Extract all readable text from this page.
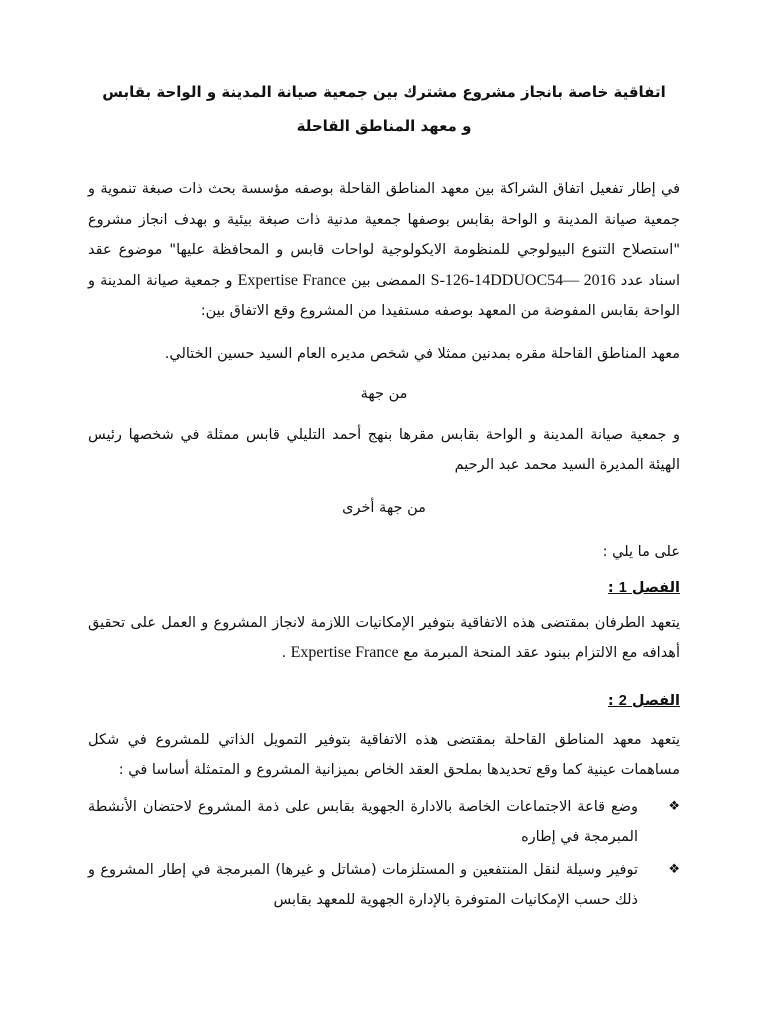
اتفاقية خاصة بانجاز مشروع مشترك بين جمعية صيانة المدينة و الواحة بقابس
و معهد المناطق القاحلة

في إطار تفعيل اتفاق الشراكة بين معهد المناطق القاحلة بوصفه مؤسسة بحث ذات صبغة تنموية و جمعية صيانة المدينة و الواحة بقابس بوصفها جمعية مدنية ذات صبغة بيئية و بهدف انجاز مشروع "استصلاح التنوع البيولوجي للمنظومة الايكولوجية لواحات قابس و المحافظة عليها" موضوع عقد اسناد عدد S-126-14DDUOC54— 2016 الممضى بين Expertise France و جمعية صيانة المدينة و الواحة بقابس المفوضة من المعهد بوصفه مستفيدا من المشروع وقع الاتفاق بين:

معهد المناطق القاحلة مقره بمدنين ممثلا في شخص مديره العام السيد حسين الختالي.

من جهة

و جمعية صيانة المدينة و الواحة بقابس مقرها بنهج أحمد التليلي قابس ممثلة في شخصها رئيس الهيئة المديرة السيد محمد عبد الرحيم

من جهة أخرى

على ما يلي :

الفصل 1 :

يتعهد الطرفان بمقتضى هذه الاتفاقية بتوفير الإمكانيات اللازمة لانجاز المشروع و العمل على تحقيق أهدافه مع الالتزام ببنود عقد المنحة المبرمة مع Expertise France .

الفصل 2 :

يتعهد معهد المناطق القاحلة بمقتضى هذه الاتفاقية بتوفير التمويل الذاتي للمشروع في شكل مساهمات عينية كما وقع تحديدها بملحق العقد الخاص بميزانية المشروع و المتمثلة أساسا في :

❖
وضع قاعة الاجتماعات الخاصة بالادارة الجهوية بقابس على ذمة المشروع لاحتضان الأنشطة المبرمجة في إطاره
❖
توفير وسيلة لنقل المنتفعين و المستلزمات (مشاتل و غيرها) المبرمجة في إطار المشروع و ذلك حسب الإمكانيات المتوفرة بالإدارة الجهوية للمعهد بقابس
